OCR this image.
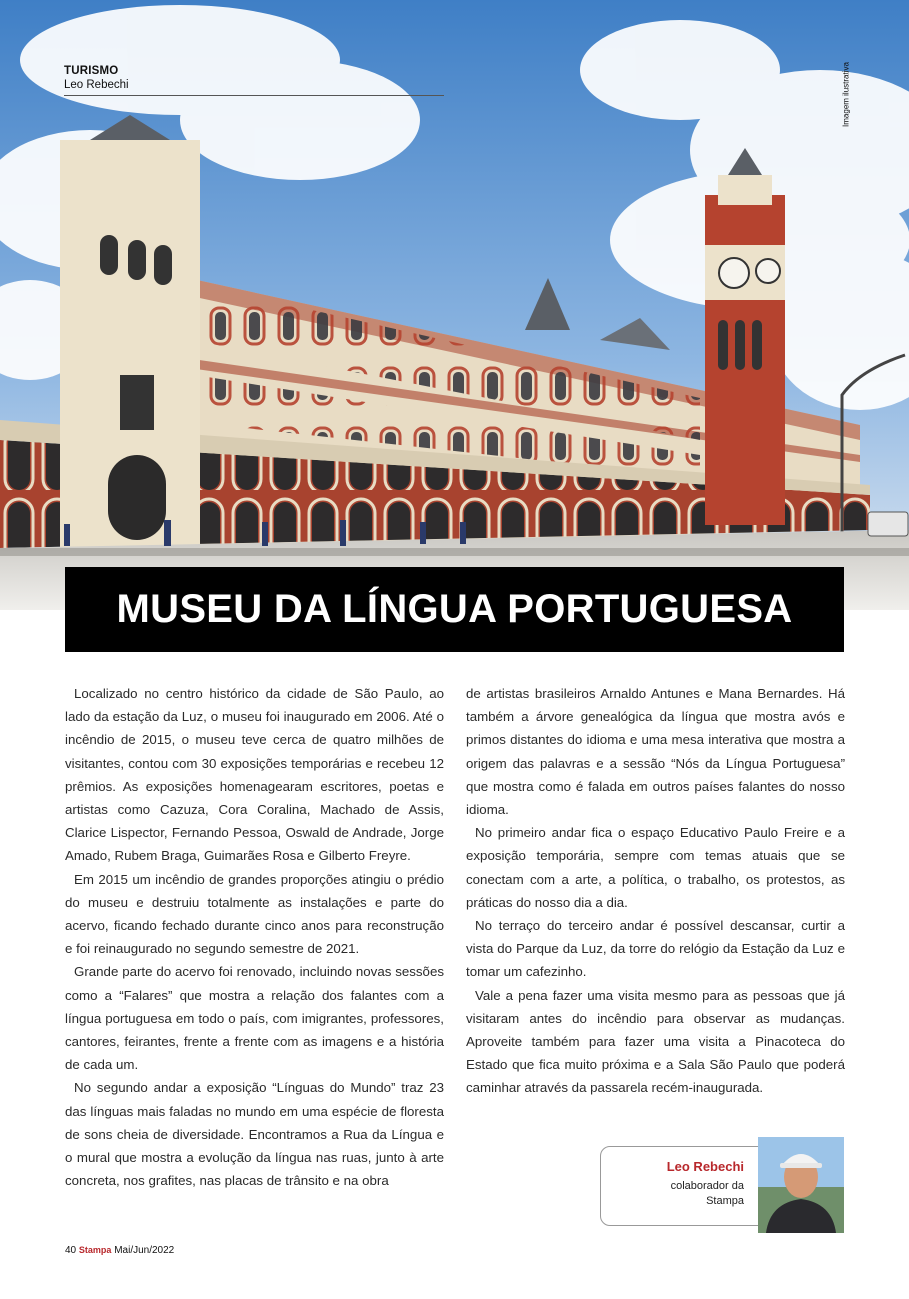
TURISMO
Leo Rebechi	Imagem ilustrativa
MUSEU DA LÍNGUA PORTUGUESA

Localizado no centro histórico da cidade de São Paulo, ao lado da estação da Luz, o museu foi inaugurado em 2006. Até o incêndio de 2015, o museu teve cerca de quatro milhões de visitantes, contou com 30 exposições temporárias e recebeu 12 prêmios. As exposições homenagearam escritores, poetas e artistas como Cazuza, Cora Coralina, Machado de Assis, Clarice Lispector, Fernando Pessoa, Oswald de Andrade, Jorge Amado, Rubem Braga, Guimarães Rosa e Gilberto Freyre.

Em 2015 um incêndio de grandes proporções atingiu o prédio do museu e destruiu totalmente as instalações e parte do acervo, ficando fechado durante cinco anos para reconstrução e foi reinaugurado no segundo semestre de 2021.

Grande parte do acervo foi renovado, incluindo novas sessões como a “Falares” que mostra a relação dos falantes com a língua portuguesa em todo o país, com imigrantes, professores, cantores, feirantes, frente a frente com as imagens e a história de cada um.

No segundo andar a exposição “Línguas do Mundo” traz 23 das línguas mais faladas no mundo em uma espécie de floresta de sons cheia de diversidade. Encontramos a Rua da Língua e o mural que mostra a evolução da língua nas ruas, junto à arte concreta, nos grafites, nas placas de trânsito e na obra

de artistas brasileiros Arnaldo Antunes e Mana Bernardes. Há também a árvore genealógica da língua que mostra avós e primos distantes do idioma e uma mesa interativa que mostra a origem das palavras e a sessão “Nós da Língua Portuguesa” que mostra como é falada em outros países falantes do nosso idioma.

No primeiro andar fica o espaço Educativo Paulo Freire e a exposição temporária, sempre com temas atuais que se conectam com a arte, a política, o trabalho, os protestos, as práticas do nosso dia a dia.

No terraço do terceiro andar é possível descansar, curtir a vista do Parque da Luz, da torre do relógio da Estação da Luz e tomar um cafezinho.

Vale a pena fazer uma visita mesmo para as pessoas que já visitaram antes do incêndio para observar as mudanças. Aproveite também para fazer uma visita a Pinacoteca do Estado que fica muito próxima e a Sala São Paulo que poderá caminhar através da passarela recém-inaugurada.

Leo Rebechi
colaborador da Stampa
40 Stampa Mai/Jun/2022
